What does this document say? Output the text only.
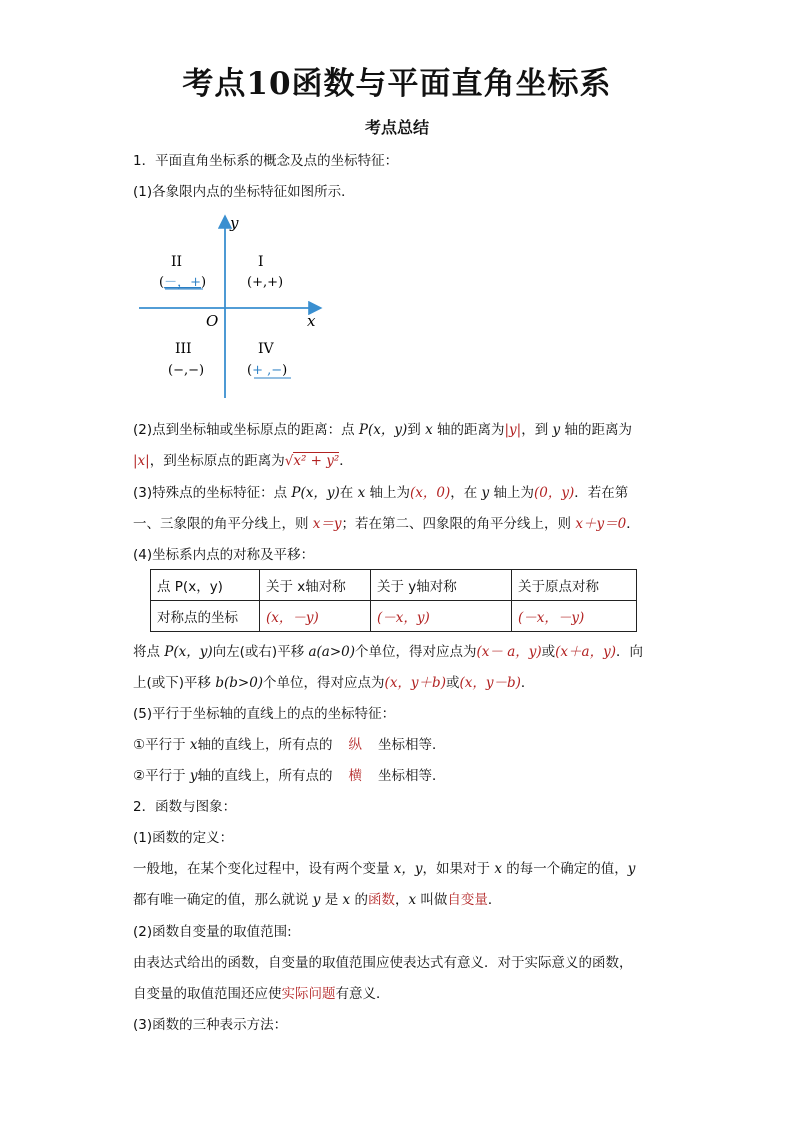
考点10函数与平面直角坐标系
考点总结
1．平面直角坐标系的概念及点的坐标特征：
(1)各象限内点的坐标特征如图所示．
y
x
O
II
(－，+)
I
(+,+)
III
(−,−)
IV
(+ ,−)
(2)点到坐标轴或坐标原点的距离：点 P(x，y)到 x 轴的距离为|y|，到 y 轴的距离为
|x|，到坐标原点的距离为√x² + y²．
(3)特殊点的坐标特征：点 P(x，y)在 x 轴上为(x，0)，在 y 轴上为(0，y)．若在第
一、三象限的角平分线上，则 x＝y；若在第二、四象限的角平分线上，则 x＋y＝0．
(4)坐标系内点的对称及平移：
点 P(x，y)	关于 x轴对称	关于 y轴对称	关于原点对称
对称点的坐标	(x，－y)	(－x，y)	(－x，－y)
将点 P(x，y)向左(或右)平移 a(a>0)个单位，得对应点为(x－ a，y)或(x＋a，y)．向
上(或下)平移 b(b>0)个单位，得对应点为(x，y＋b)或(x，y－b)．
(5)平行于坐标轴的直线上的点的坐标特征：
①平行于 x轴的直线上，所有点的 纵 坐标相等．
②平行于 y轴的直线上，所有点的 横 坐标相等．
2．函数与图象：
(1)函数的定义：
一般地，在某个变化过程中，设有两个变量 x，y，如果对于 x 的每一个确定的值，y
都有唯一确定的值，那么就说 y 是 x 的函数，x 叫做自变量．
(2)函数自变量的取值范围:
由表达式给出的函数，自变量的取值范围应使表达式有意义．对于实际意义的函数，
自变量的取值范围还应使实际问题有意义．
(3)函数的三种表示方法：
